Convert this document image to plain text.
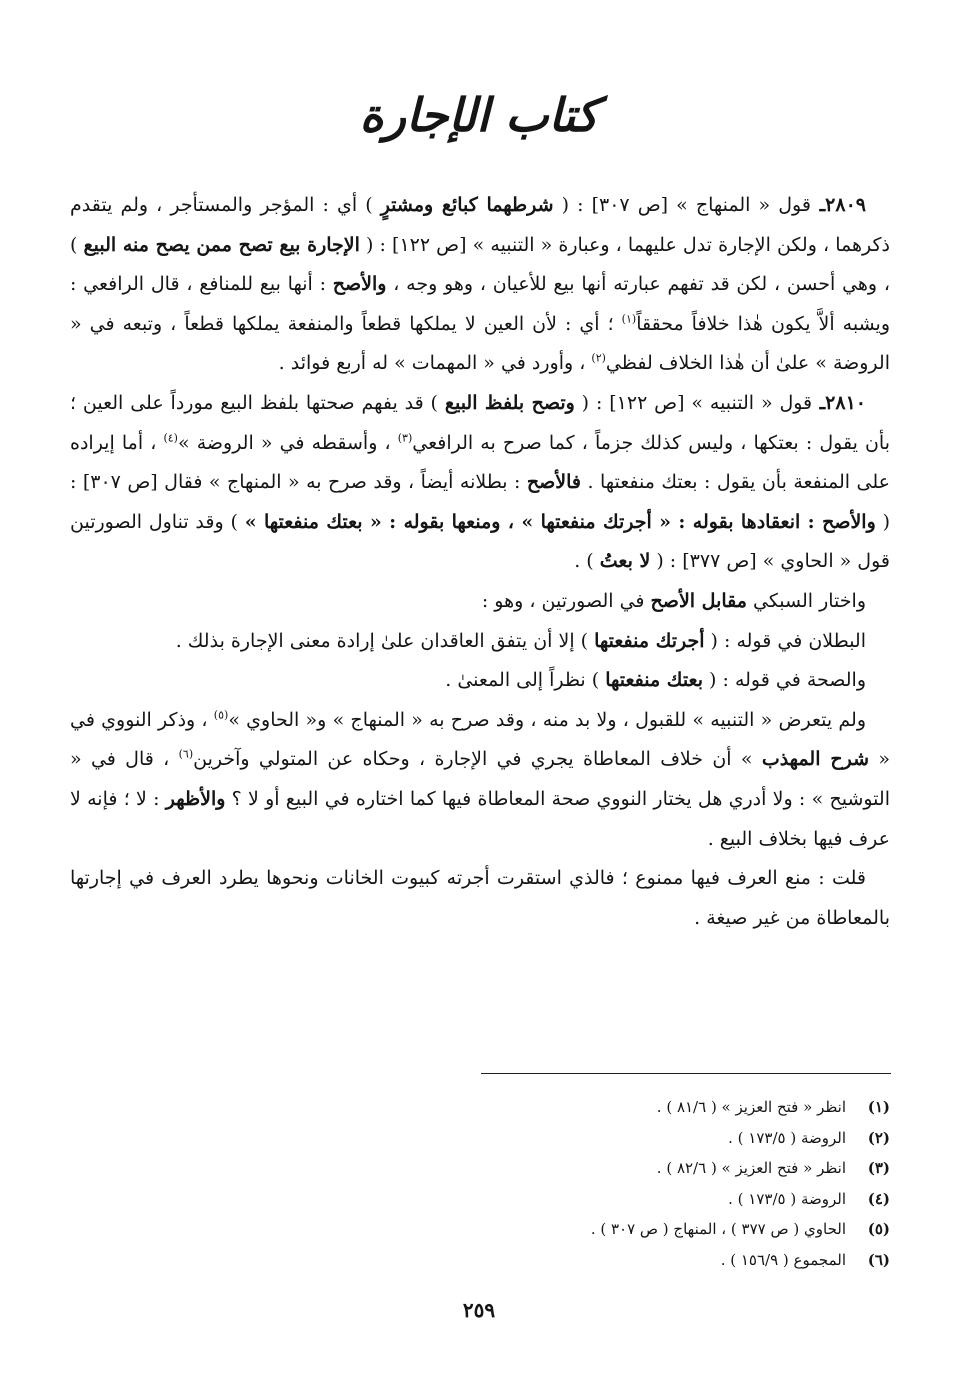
كتاب الإجارة

٢٨٠٩ـ قول « المنهاج » [ص ٣٠٧] : ( شرطهما كبائع ومشترٍ ) أي : المؤجر والمستأجر ، ولم يتقدم ذكرهما ، ولكن الإجارة تدل عليهما ، وعبارة « التنبيه » [ص ١٢٢] : ( الإجارة بيع تصح ممن يصح منه البيع ) ، وهي أحسن ، لكن قد تفهم عبارته أنها بيع للأعيان ، وهو وجه ، والأصح : أنها بيع للمنافع ، قال الرافعي : ويشبه ألاَّ يكون هٰذا خلافاً محققاً$^{(١)}$ ؛ أي : لأن العين لا يملكها قطعاً والمنفعة يملكها قطعاً ، وتبعه في « الروضة » علىٰ أن هٰذا الخلاف لفظي$^{(٢)}$ ، وأورد في « المهمات » له أربع فوائد .

٢٨١٠ـ قول « التنبيه » [ص ١٢٢] : ( وتصح بلفظ البيع ) قد يفهم صحتها بلفظ البيع مورداً على العين ؛ بأن يقول : بعتكها ، وليس كذلك جزماً ، كما صرح به الرافعي$^{(٣)}$ ، وأسقطه في « الروضة »$^{(٤)}$ ، أما إيراده على المنفعة بأن يقول : بعتك منفعتها . فالأصح : بطلانه أيضاً ، وقد صرح به « المنهاج » فقال [ص ٣٠٧] : ( والأصح : انعقادها بقوله : « أجرتك منفعتها » ، ومنعها بقوله : « بعتك منفعتها » ) وقد تناول الصورتين قول « الحاوي » [ص ٣٧٧] : ( لا بعتُ ) .

واختار السبكي مقابل الأصح في الصورتين ، وهو :

البطلان في قوله : ( أجرتك منفعتها ) إلا أن يتفق العاقدان علىٰ إرادة معنى الإجارة بذلك .

والصحة في قوله : ( بعتك منفعتها ) نظراً إلى المعنىٰ .

ولم يتعرض « التنبيه » للقبول ، ولا بد منه ، وقد صرح به « المنهاج » و« الحاوي »$^{(٥)}$ ، وذكر النووي في « شرح المهذب » أن خلاف المعاطاة يجري في الإجارة ، وحكاه عن المتولي وآخرين$^{(٦)}$ ، قال في « التوشيح » : ولا أدري هل يختار النووي صحة المعاطاة فيها كما اختاره في البيع أو لا ؟ والأظهر : لا ؛ فإنه لا عرف فيها بخلاف البيع .

قلت : منع العرف فيها ممنوع ؛ فالذي استقرت أجرته كبيوت الخانات ونحوها يطرد العرف في إجارتها بالمعاطاة من غير صيغة .

(١)
انظر « فتح العزيز » ( ٨١/٦ ) .
(٢)
الروضة ( ١٧٣/٥ ) .
(٣)
انظر « فتح العزيز » ( ٨٢/٦ ) .
(٤)
الروضة ( ١٧٣/٥ ) .
(٥)
الحاوي ( ص ٣٧٧ ) ، المنهاج ( ص ٣٠٧ ) .
(٦)
المجموع ( ١٥٦/٩ ) .
٢٥٩
